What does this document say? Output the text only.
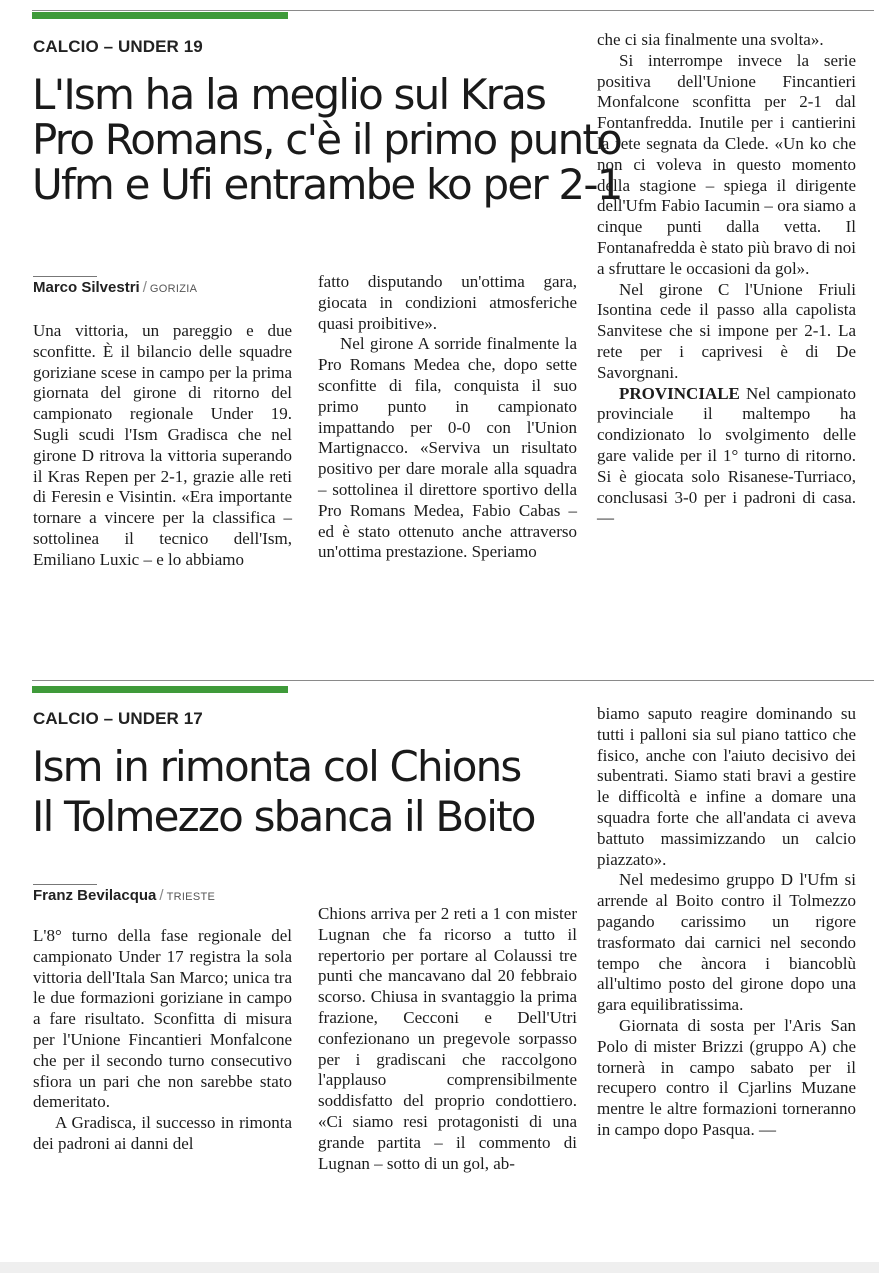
CALCIO – UNDER 19
L'Ism ha la meglio sul Kras
Pro Romans, c'è il primo punto
Ufm e Ufi entrambe ko per 2-1
Marco Silvestri / GORIZIA

Una vittoria, un pareggio e due sconfitte. È il bilancio delle squadre goriziane scese in campo per la prima giornata del girone di ritorno del campionato regionale Under 19. Sugli scudi l'Ism Gradisca che nel girone D ritrova la vittoria superando il Kras Repen per 2-1, grazie alle reti di Feresin e Visintin. «Era importante tornare a vincere per la classifica – sottolinea il tecnico dell'Ism, Emiliano Luxic – e lo abbiamo

fatto disputando un'ottima gara, giocata in condizioni atmosferiche quasi proibitive».

Nel girone A sorride finalmente la Pro Romans Medea che, dopo sette sconfitte di fila, conquista il suo primo punto in campionato impattando per 0-0 con l'Union Martignacco. «Serviva un risultato positivo per dare morale alla squadra – sottolinea il direttore sportivo della Pro Romans Medea, Fabio Cabas – ed è stato ottenuto anche attraverso un'ottima prestazione. Speriamo

che ci sia finalmente una svolta».

Si interrompe invece la serie positiva dell'Unione Fincantieri Monfalcone sconfitta per 2-1 dal Fontanfredda. Inutile per i cantierini la rete segnata da Clede. «Un ko che non ci voleva in questo momento della stagione – spiega il dirigente dell'Ufm Fabio Iacumin – ora siamo a cinque punti dalla vetta. Il Fontanafredda è stato più bravo di noi a sfruttare le occasioni da gol».

Nel girone C l'Unione Friuli Isontina cede il passo alla capolista Sanvitese che si impone per 2-1. La rete per i caprivesi è di De Savorgnani.

PROVINCIALE Nel campionato provinciale il maltempo ha condizionato lo svolgimento delle gare valide per il 1° turno di ritorno. Si è giocata solo Risanese-Turriaco, conclusasi 3-0 per i padroni di casa. —

CALCIO – UNDER 17
Ism in rimonta col Chions
Il Tolmezzo sbanca il Boito
Franz Bevilacqua / TRIESTE

L'8° turno della fase regionale del campionato Under 17 registra la sola vittoria dell'Itala San Marco; unica tra le due formazioni goriziane in campo a fare risultato. Sconfitta di misura per l'Unione Fincantieri Monfalcone che per il secondo turno consecutivo sfiora un pari che non sarebbe stato demeritato.

A Gradisca, il successo in rimonta dei padroni ai danni del

Chions arriva per 2 reti a 1 con mister Lugnan che fa ricorso a tutto il repertorio per portare al Colaussi tre punti che mancavano dal 20 febbraio scorso. Chiusa in svantaggio la prima frazione, Cecconi e Dell'Utri confezionano un pregevole sorpasso per i gradiscani che raccolgono l'applauso comprensibilmente soddisfatto del proprio condottiero. «Ci siamo resi protagonisti di una grande partita – il commento di Lugnan – sotto di un gol, ab-

biamo saputo reagire dominando su tutti i palloni sia sul piano tattico che fisico, anche con l'aiuto decisivo dei subentrati. Siamo stati bravi a gestire le difficoltà e infine a domare una squadra forte che all'andata ci aveva battuto massimizzando un calcio piazzato».

Nel medesimo gruppo D l'Ufm si arrende al Boito contro il Tolmezzo pagando carissimo un rigore trasformato dai carnici nel secondo tempo che àncora i biancoblù all'ultimo posto del girone dopo una gara equilibratissima.

Giornata di sosta per l'Aris San Polo di mister Brizzi (gruppo A) che tornerà in campo sabato per il recupero contro il Cjarlins Muzane mentre le altre formazioni torneranno in campo dopo Pasqua. —
